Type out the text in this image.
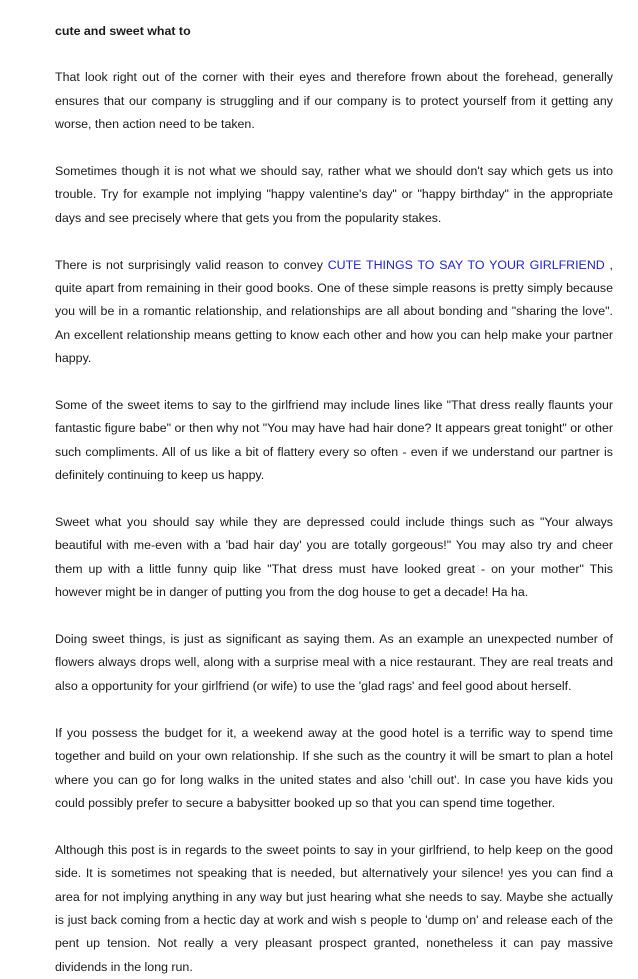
cute and sweet what to

That look right out of the corner with their eyes and therefore frown about the forehead, generally ensures that our company is struggling and if our company is to protect yourself from it getting any worse, then action need to be taken.

Sometimes though it is not what we should say, rather what we should don't say which gets us into trouble. Try for example not implying "happy valentine's day" or "happy birthday" in the appropriate days and see precisely where that gets you from the popularity stakes.

There is not surprisingly valid reason to convey CUTE THINGS TO SAY TO YOUR GIRLFRIEND , quite apart from remaining in their good books. One of these simple reasons is pretty simply because you will be in a romantic relationship, and relationships are all about bonding and "sharing the love". An excellent relationship means getting to know each other and how you can help make your partner happy.

Some of the sweet items to say to the girlfriend may include lines like "That dress really flaunts your fantastic figure babe" or then why not "You may have had hair done? It appears great tonight" or other such compliments. All of us like a bit of flattery every so often - even if we understand our partner is definitely continuing to keep us happy.

Sweet what you should say while they are depressed could include things such as "Your always beautiful with me-even with a 'bad hair day' you are totally gorgeous!" You may also try and cheer them up with a little funny quip like "That dress must have looked great - on your mother" This however might be in danger of putting you from the dog house to get a decade! Ha ha.

Doing sweet things, is just as significant as saying them. As an example an unexpected number of flowers always drops well, along with a surprise meal with a nice restaurant. They are real treats and also a opportunity for your girlfriend (or wife) to use the 'glad rags' and feel good about herself.

If you possess the budget for it, a weekend away at the good hotel is a terrific way to spend time together and build on your own relationship. If she such as the country it will be smart to plan a hotel where you can go for long walks in the united states and also 'chill out'. In case you have kids you could possibly prefer to secure a babysitter booked up so that you can spend time together.

Although this post is in regards to the sweet points to say in your girlfriend, to help keep on the good side. It is sometimes not speaking that is needed, but alternatively your silence! yes you can find a area for not implying anything in any way but just hearing what she needs to say. Maybe she actually is just back coming from a hectic day at work and wish s people to 'dump on' and release each of the pent up tension. Not really a very pleasant prospect granted, nonetheless it can pay massive dividends in the long run.
